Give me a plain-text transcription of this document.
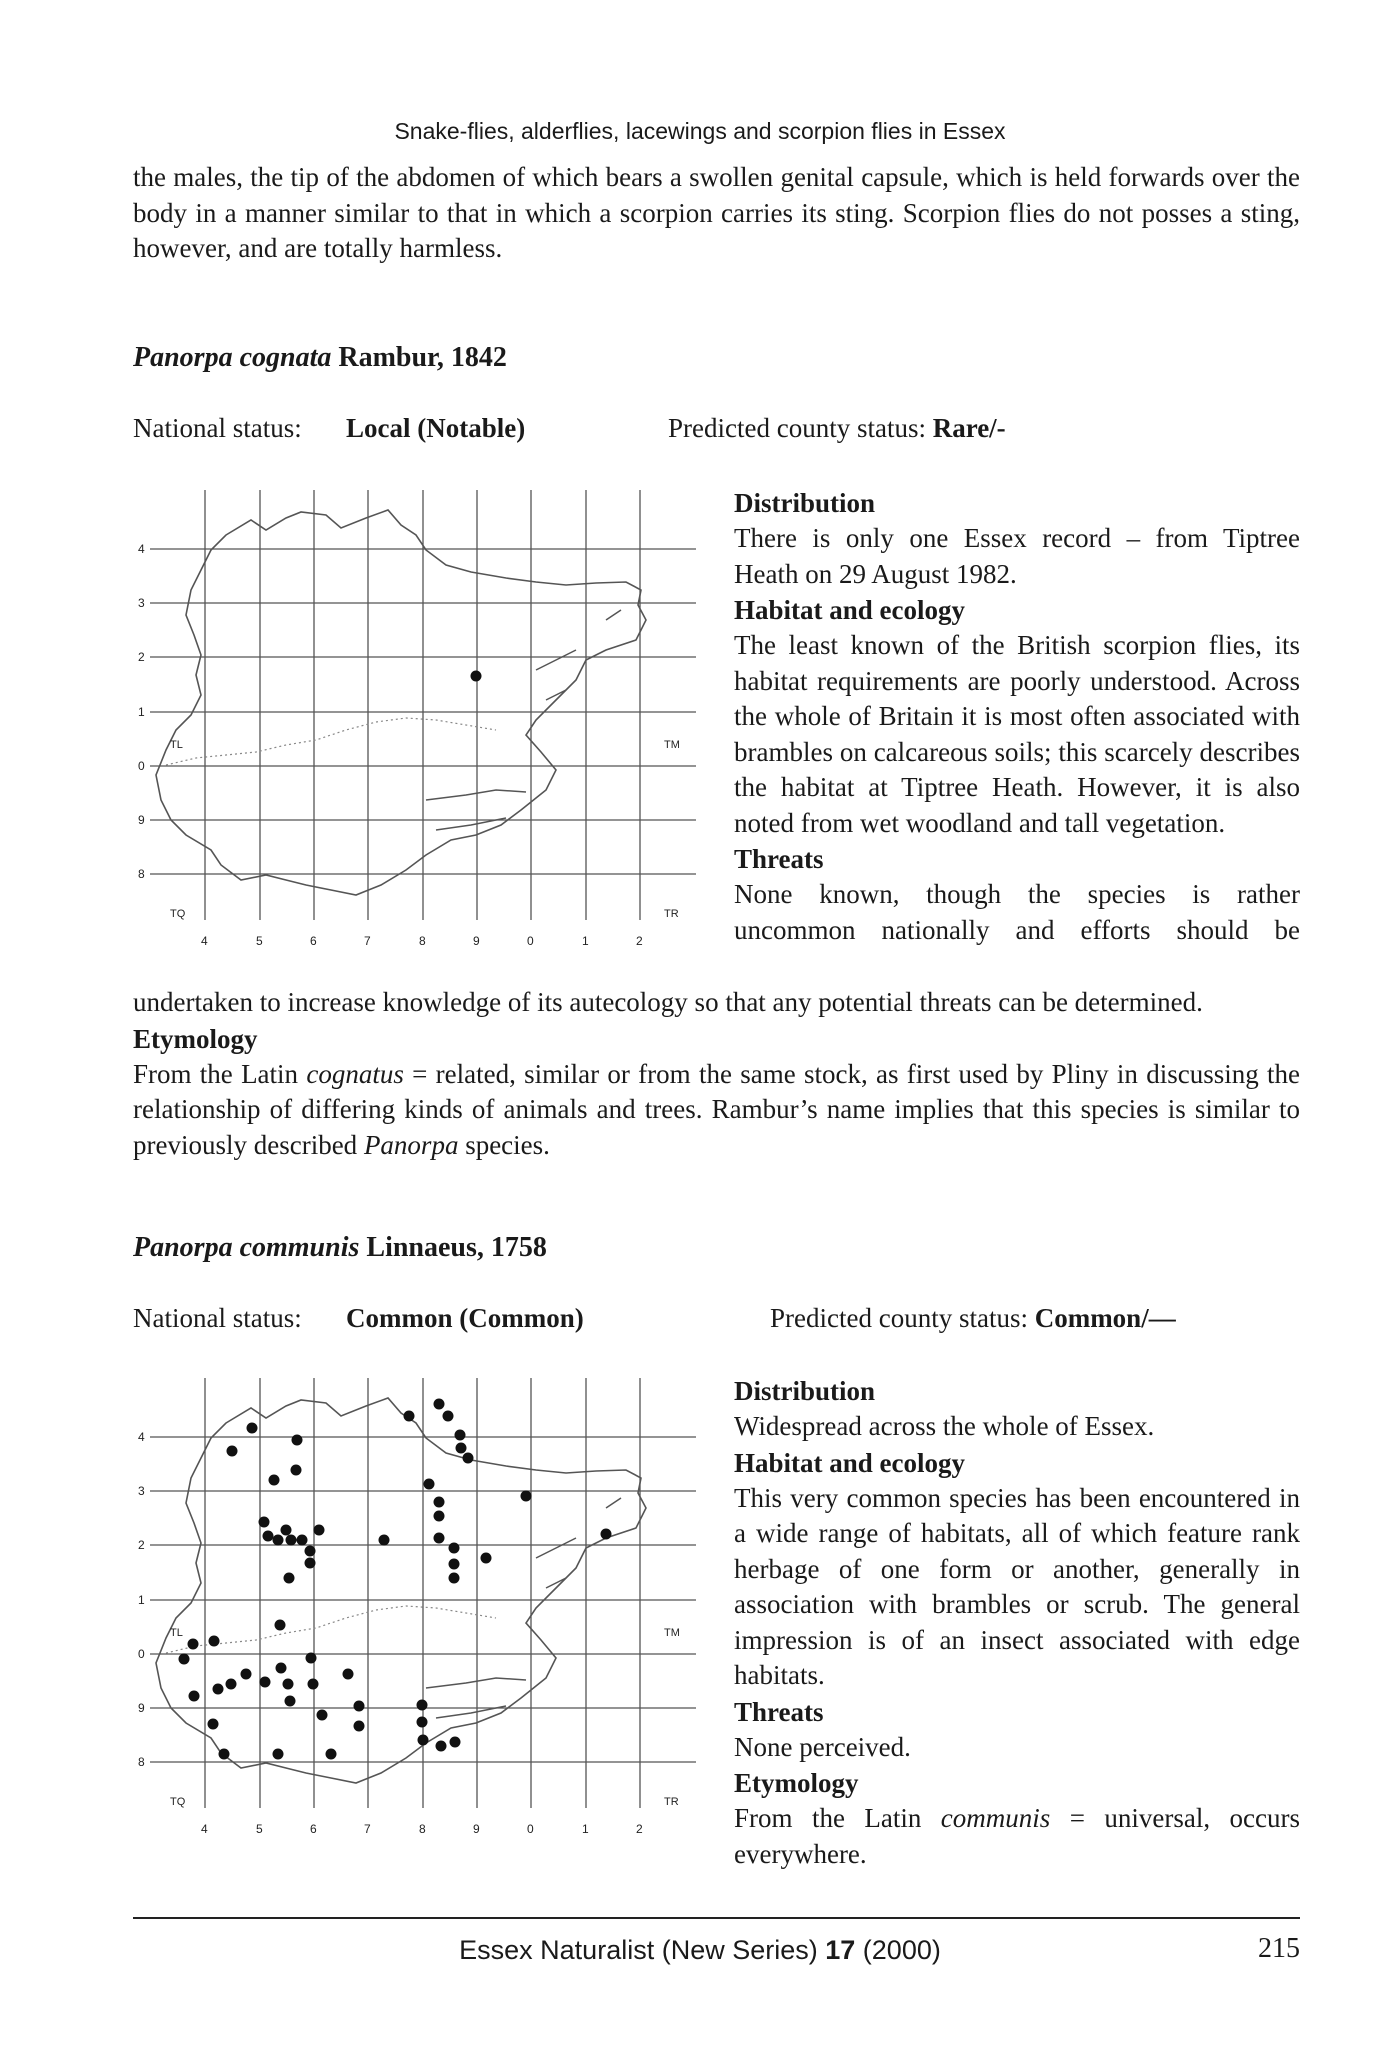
Snake-flies, alderflies, lacewings and scorpion flies in Essex

the males, the tip of the abdomen of which bears a swollen genital capsule, which is held forwards over the body in a manner similar to that in which a scorpion carries its sting. Scorpion flies do not posses a sting, however, and are totally harmless.

Panorpa cognata Rambur, 1842
National status: Local (Notable)	Predicted county status: Rare/-
4
3
2
1
0
9
8
4	5	6	7	8	9	0	1	2
TL	TM
TQ	TR
Distribution

There is only one Essex record – from Tiptree Heath on 29 August 1982.

Habitat and ecology

The least known of the British scorpion flies, its habitat requirements are poorly understood. Across the whole of Britain it is most often associated with brambles on calcareous soils; this scarcely describes the habitat at Tiptree Heath. However, it is also noted from wet woodland and tall vegetation.

Threats

None known, though the species is rather uncommon nationally and efforts should be

undertaken to increase knowledge of its autecology so that any potential threats can be determined.

Etymology

From the Latin cognatus = related, similar or from the same stock, as first used by Pliny in discussing the relationship of differing kinds of animals and trees. Rambur’s name implies that this species is similar to previously described Panorpa species.

Panorpa communis Linnaeus, 1758
National status: Common (Common)	Predicted county status: Common/—
4
3
2
1
0
9
8
4	5	6	7	8	9	0	1	2
TL	TM
TQ	TR
Distribution

Widespread across the whole of Essex.

Habitat and ecology

This very common species has been encountered in a wide range of habitats, all of which feature rank herbage of one form or another, generally in association with brambles or scrub. The general impression is of an insect associated with edge habitats.

Threats

None perceived.

Etymology

From the Latin communis = universal, occurs everywhere.

Essex Naturalist (New Series) 17 (2000)	215
